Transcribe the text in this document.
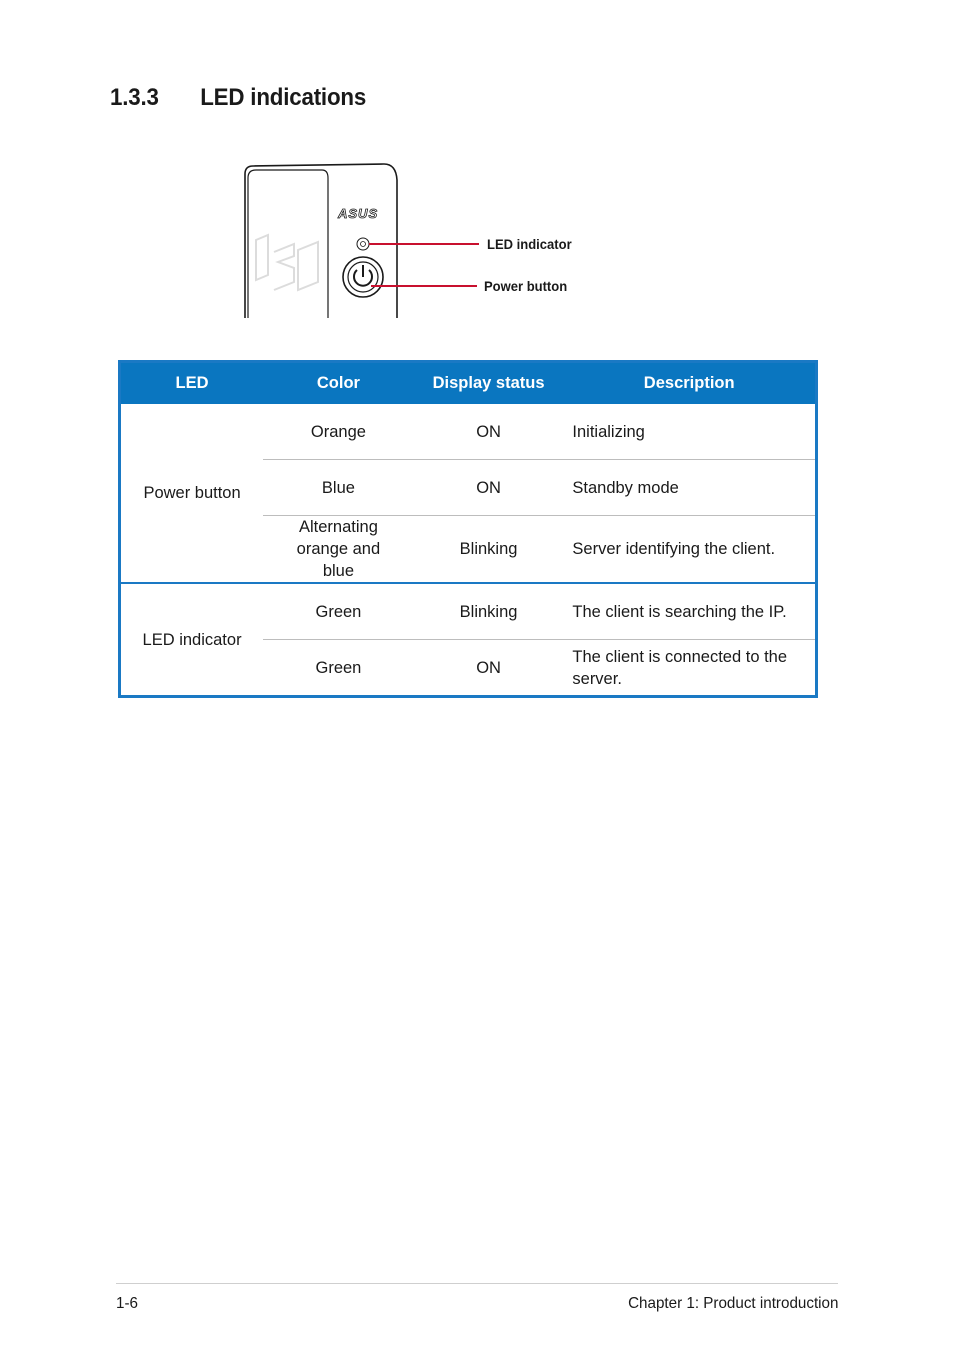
1.3.3 LED indications
ASUS
LED indicator
Power button
LED	Color	Display status	Description
Power button	Orange	ON	Initializing
	Blue	ON	Standby mode
	Alternating orange and blue	Blinking	Server identifying the client.
LED indicator	Green	Blinking	The client is searching the IP.
	Green	ON	The client is connected to the server.
1-6	Chapter 1: Product introduction
